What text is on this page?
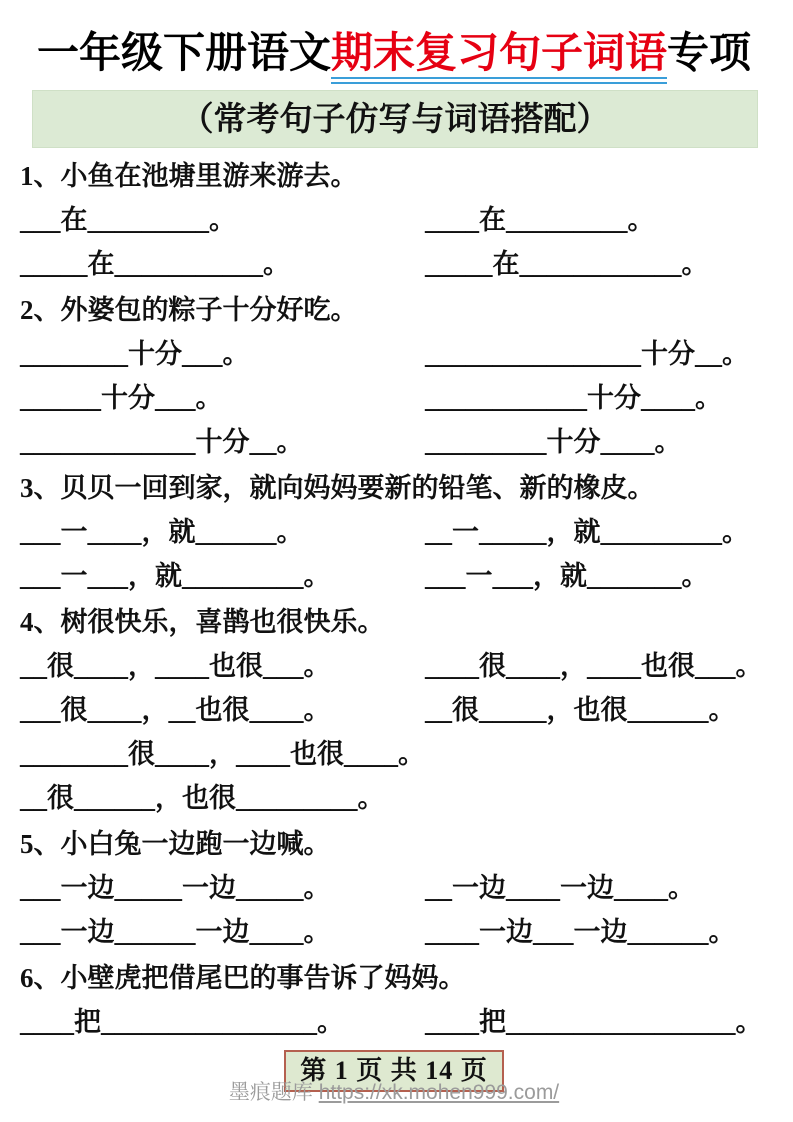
一年级下册语文期末复习句子词语专项
（常考句子仿写与词语搭配）
1、小鱼在池塘里游来游去。
___在_________。	____在_________。
_____在___________。	_____在____________。
2、外婆包的粽子十分好吃。
________十分___。	________________十分__。
______十分___。	____________十分____。
_____________十分__。	_________十分____。
3、贝贝一回到家，就向妈妈要新的铅笔、新的橡皮。
___一____，就______。	__一_____，就_________。
___一___，就_________。	___一___，就_______。
4、树很快乐，喜鹊也很快乐。
__很____，____也很___。	____很____，____也很___。
___很____，__也很____。	__很_____，也很______。
________很____，____也很____。
__很______，也很_________。
5、小白兔一边跑一边喊。
___一边_____一边_____。	__一边____一边____。
___一边______一边____。	____一边___一边______。
6、小壁虎把借尾巴的事告诉了妈妈。
____把________________。	____把_________________。
第 1 页 共 14 页
墨痕题库 https://xk.mohen999.com/
